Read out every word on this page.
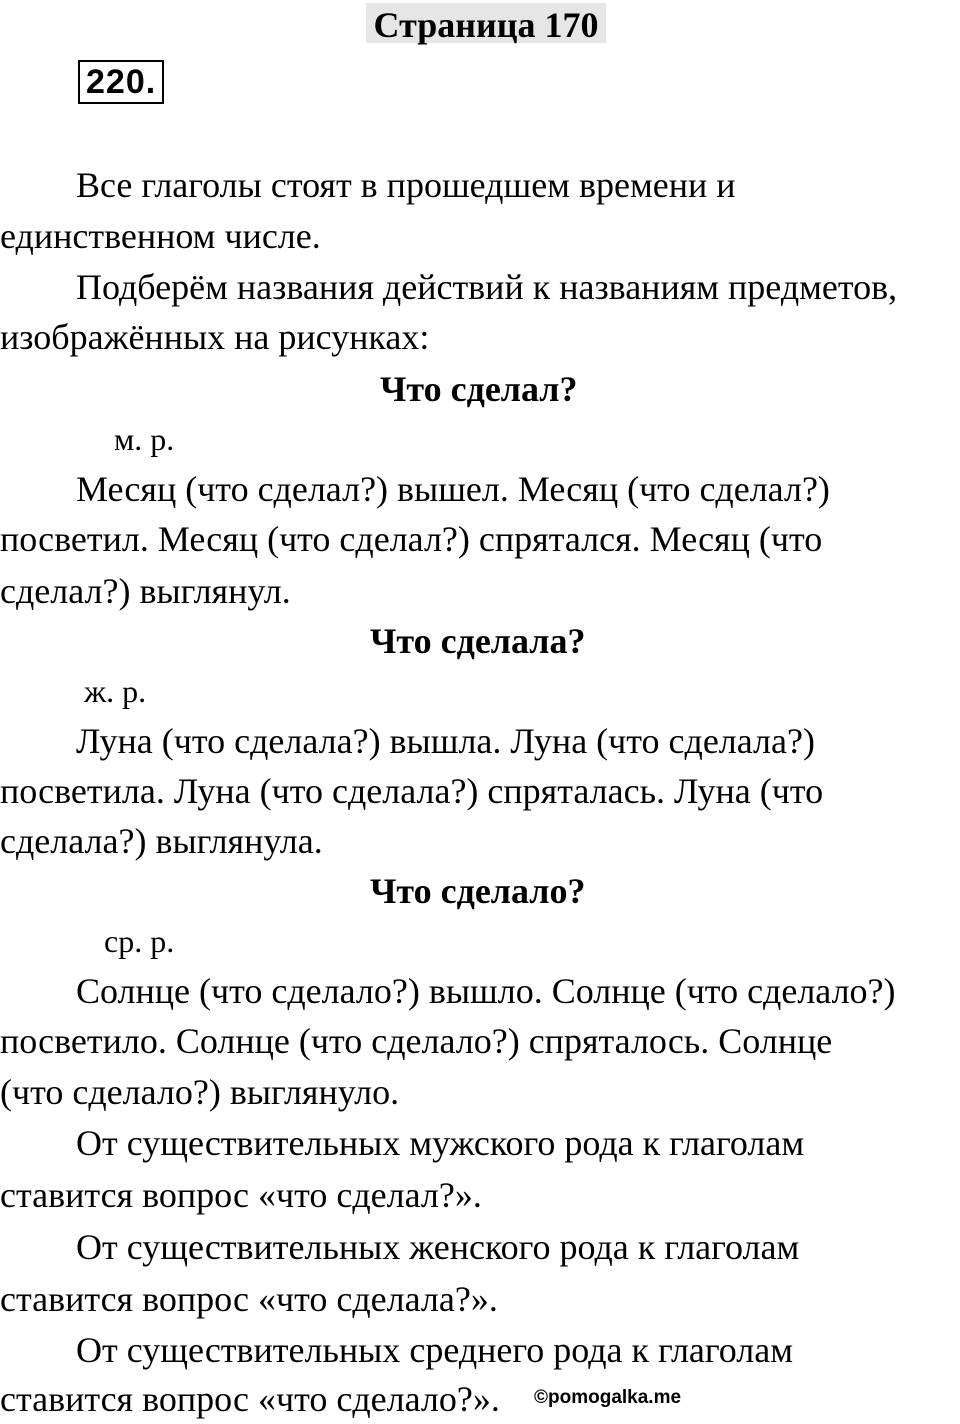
Страница 170
220.
Все глаголы стоят в прошедшем времени и
единственном числе.
Подберём названия действий к названиям предметов,
изображённых на рисунках:
Что сделал?
м. р.
Месяц (что сделал?) вышел. Месяц (что сделал?)
посветил. Месяц (что сделал?) спрятался. Месяц (что
сделал?) выглянул.
Что сделала?
ж. р.
Луна (что сделала?) вышла. Луна (что сделала?)
посветила. Луна (что сделала?) спряталась. Луна (что
сделала?) выглянула.
Что сделало?
ср. р.
Солнце (что сделало?) вышло. Солнце (что сделало?)
посветило. Солнце (что сделало?) спряталось. Солнце
(что сделало?) выглянуло.
От существительных мужского рода к глаголам
ставится вопрос «что сделал?».
От существительных женского рода к глаголам
ставится вопрос «что сделала?».
От существительных среднего рода к глаголам
ставится вопрос «что сделало?». ©pomogalka.me
